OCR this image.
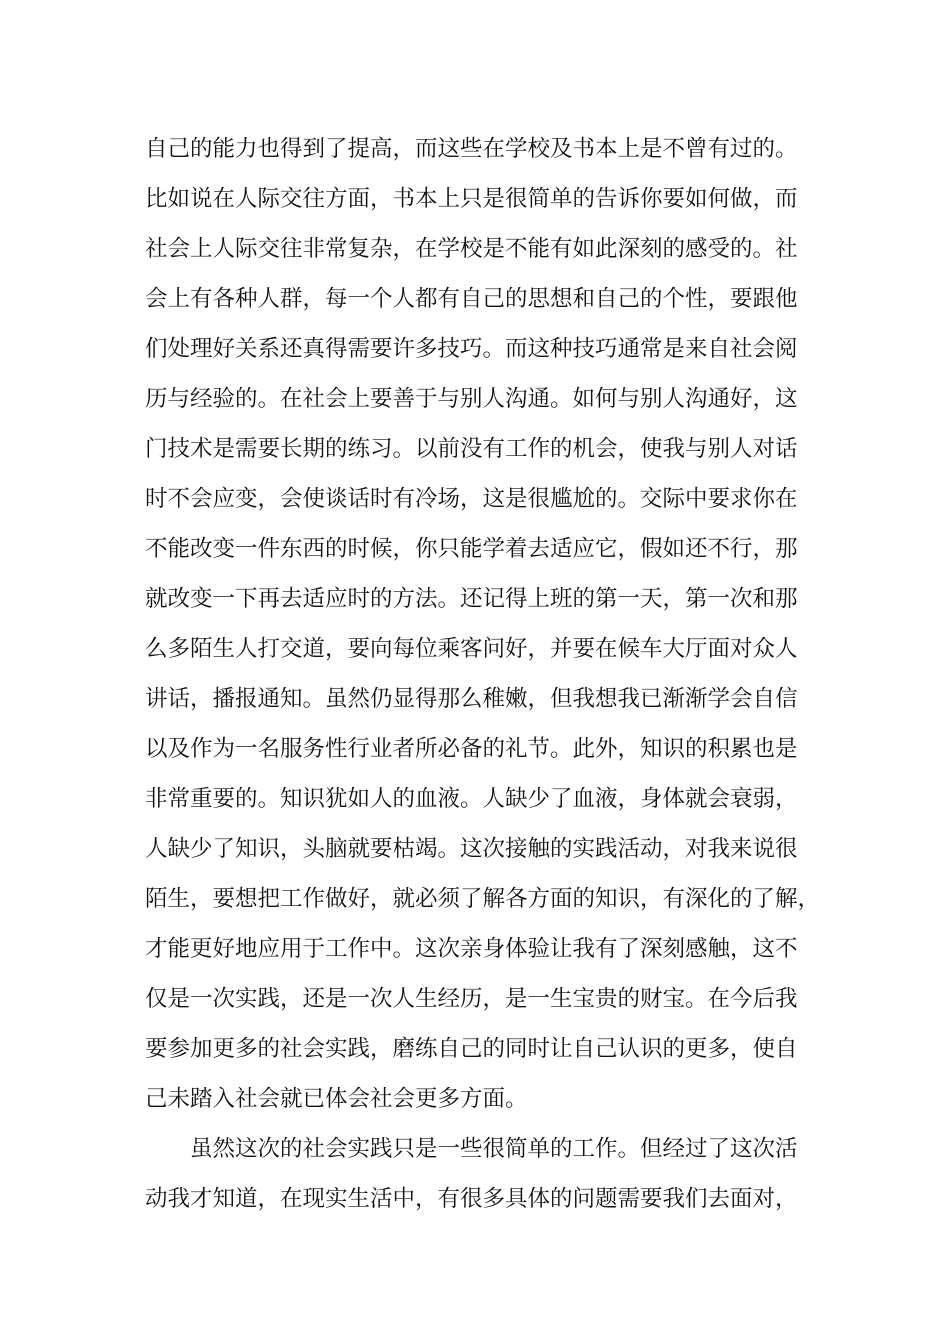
自己的能力也得到了提高，而这些在学校及书本上是不曾有过的。

比如说在人际交往方面，书本上只是很简单的告诉你要如何做，而

社会上人际交往非常复杂，在学校是不能有如此深刻的感受的。社

会上有各种人群，每一个人都有自己的思想和自己的个性，要跟他

们处理好关系还真得需要许多技巧。而这种技巧通常是来自社会阅

历与经验的。在社会上要善于与别人沟通。如何与别人沟通好，这

门技术是需要长期的练习。以前没有工作的机会，使我与别人对话

时不会应变，会使谈话时有冷场，这是很尴尬的。交际中要求你在

不能改变一件东西的时候，你只能学着去适应它，假如还不行，那

就改变一下再去适应时的方法。还记得上班的第一天，第一次和那

么多陌生人打交道，要向每位乘客问好，并要在候车大厅面对众人

讲话，播报通知。虽然仍显得那么稚嫩，但我想我已渐渐学会自信

以及作为一名服务性行业者所必备的礼节。此外，知识的积累也是

非常重要的。知识犹如人的血液。人缺少了血液，身体就会衰弱，

人缺少了知识，头脑就要枯竭。这次接触的实践活动，对我来说很

陌生，要想把工作做好，就必须了解各方面的知识，有深化的了解，

才能更好地应用于工作中。这次亲身体验让我有了深刻感触，这不

仅是一次实践，还是一次人生经历，是一生宝贵的财宝。在今后我

要参加更多的社会实践，磨练自己的同时让自己认识的更多，使自

己未踏入社会就已体会社会更多方面。

　　虽然这次的社会实践只是一些很简单的工作。但经过了这次活

动我才知道，在现实生活中，有很多具体的问题需要我们去面对，
